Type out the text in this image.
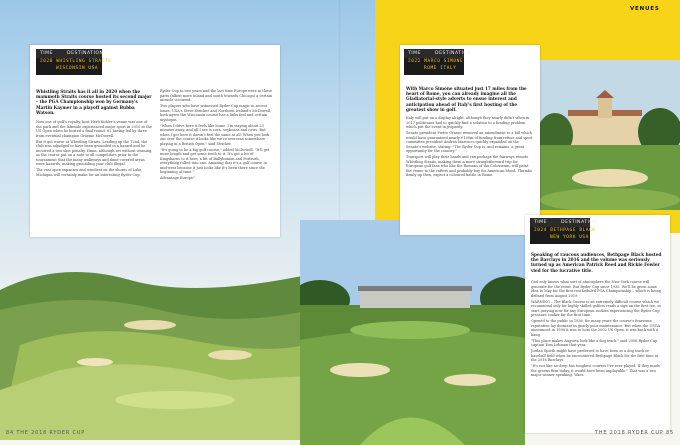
VENUES
TIME	DESTINATION
2020 WHISTLING STRAITS
WISCONSIN USA
Whistling Straits has it all in 2020 when the mammoth Straits course hosted its second major – the PGA Championship won by Germany's Martin Kaymer in a playoff against Bubba Watson.

Now one of golf's royalty, host Herb Kohler's venue was one of the park and the lakeside experienced major sport in 2010 at the US Open when he hosted a final round. 82 having led by three from eventual champion Graeme McDowell.

But it got worse at Whistling Straits. Leading up the 72nd, the club was adjudged to have been grounded in a hazard and he incurred a two-shot penalty. Hmm, although set without warning, as the course put on a note to all competitors prior to the tournament that the many walkways and dune-covered areas were hazards, making grounding your club illegal.

The vast open expanses and windiest on the shores of Lake Michigan will certainly make for an interesting Ryder Cup.

Ryder Cup to two years and the last time Europe were in these parts (albeit more inland and south towards Chicago) a certain miracle occurred.

Two players who have witnessed Ryder Cup magic in recent times, USA's Steve Stricker and Northern Ireland's McDowell, both agree the Wisconsin course has a links feel and certain mystique.

"When I drive here it feels like home. I'm staying about 25 minutes away, and all I see is corn, soybeans and cows. But when I get here it doesn't feel the same at all. When you look out over the course it looks like we're overseas somewhere playing in a British Open," said Stricker.

"It's going to be a big golf course," added McDowell. "It'll get more length and get some teeth to it. It's got a bit of Kingsbarns to it here, a bit of Ballybunion and Portrush, everything rolled into one. Amazing that it's a golf course in mid-west because it just looks like it's been there since the beginning of time."

Advantage Europe?

TIME	DESTINATION
2022 MARCO SIMONE
ROME ITALY
With Marco Simone situated just 17 miles from the heart of Rome, you can already imagine all the Gladiatorial-style adverts to ensue interest and anticipation ahead of Italy's first hosting of the greatest show in golf.

Italy will put on a display alright, although they nearly didn't when in 2017 politicians had to quickly find a solution to a funding problem which put the event in jeopardy.

Senate president Pietro Grasso removed an amendment to a bill which would have guaranteed nearly €100m of funding from refuse and sport committee president Andrea Marcucci quickly expanded on the Senate's website, stating: "The Ryder Cup is, and remains, a great opportunity for the country."

Transport will play their hands and can perhaps the fairways remote Whistling Straits, making them a more straightforward trip for European golf fans who like the Romans of the Colosseum, will paint the venue to the rafters and probably buy for American blood. Thumbs firmly up then, expect a coloured battle in Rome.

TIME	DESTINATION
2024 BETHPAGE BLACK
NEW YORK USA
Speaking of raucous audiences, Bethpage Black hosted the Barclays in 2016 and the volume was seriously turned up as American Patrick Reed and Rickie Fowler vied for the lucrative title.

God only knows what sort of atmosphere the New York course will generate for the event. But Ryder Cup since 1935. We'll be given some idea in May for the first rescheduled PGA Championship – which is being defined from August 2019.

WARNING – The Black Course is an extremely difficult course which we recommend only for highly skilled golfers reads a sign on the first tee, so start praying now for any European rookies experiencing the Ryder Cup pressure cooker for the first time.

Opened to the public in 1936, for many years the course's fearsome reputation lay dormant in gnarly poor maintenance. But when the USGA announced in 1998 it was to host the 2002 US Open, it was back with a bang.

"This place makes Augusta look like a dog track," said 2006 Ryder Cup captain Tom Lehman that year.

Jordan Spieth might have preferred to have been at a dog track or baseball field when he encountered Bethpage Black for the first time at the 2016 Barclays.

"It's not like no-drop has toughest courses I've ever played. If they made the greens firm today, it would have been unplayable." That was a two major winner speaking. Yikes.

84 THE 2018 RYDER CUP	THE 2018 RYDER CUP 85
